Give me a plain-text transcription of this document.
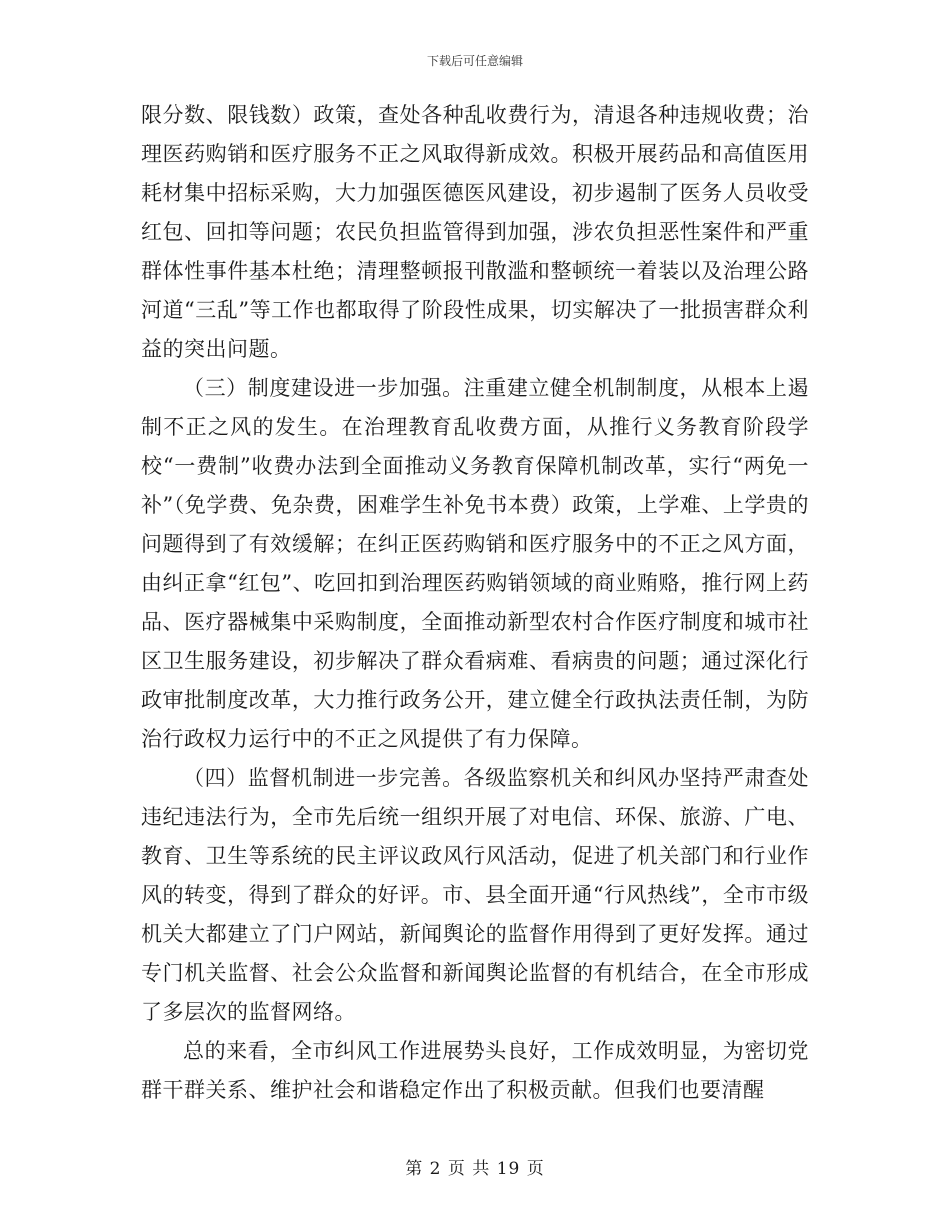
下载后可任意编辑

限分数、限钱数）政策，查处各种乱收费行为，清退各种违规收费；治理医药购销和医疗服务不正之风取得新成效。积极开展药品和高值医用耗材集中招标采购，大力加强医德医风建设，初步遏制了医务人员收受红包、回扣等问题；农民负担监管得到加强，涉农负担恶性案件和严重群体性事件基本杜绝；清理整顿报刊散滥和整顿统一着装以及治理公路河道“三乱”等工作也都取得了阶段性成果，切实解决了一批损害群众利益的突出问题。

（三）制度建设进一步加强。注重建立健全机制制度，从根本上遏制不正之风的发生。在治理教育乱收费方面，从推行义务教育阶段学校“一费制”收费办法到全面推动义务教育保障机制改革，实行“两免一补”（免学费、免杂费，困难学生补免书本费）政策，上学难、上学贵的问题得到了有效缓解；在纠正医药购销和医疗服务中的不正之风方面，由纠正拿“红包”、吃回扣到治理医药购销领域的商业贿赂，推行网上药品、医疗器械集中采购制度，全面推动新型农村合作医疗制度和城市社区卫生服务建设，初步解决了群众看病难、看病贵的问题；通过深化行政审批制度改革，大力推行政务公开，建立健全行政执法责任制，为防治行政权力运行中的不正之风提供了有力保障。

（四）监督机制进一步完善。各级监察机关和纠风办坚持严肃查处违纪违法行为，全市先后统一组织开展了对电信、环保、旅游、广电、教育、卫生等系统的民主评议政风行风活动，促进了机关部门和行业作风的转变，得到了群众的好评。市、县全面开通“行风热线”，全市市级机关大都建立了门户网站，新闻舆论的监督作用得到了更好发挥。通过专门机关监督、社会公众监督和新闻舆论监督的有机结合，在全市形成了多层次的监督网络。

总的来看，全市纠风工作进展势头良好，工作成效明显，为密切党群干群关系、维护社会和谐稳定作出了积极贡献。但我们也要清醒

第 2 页 共 19 页
